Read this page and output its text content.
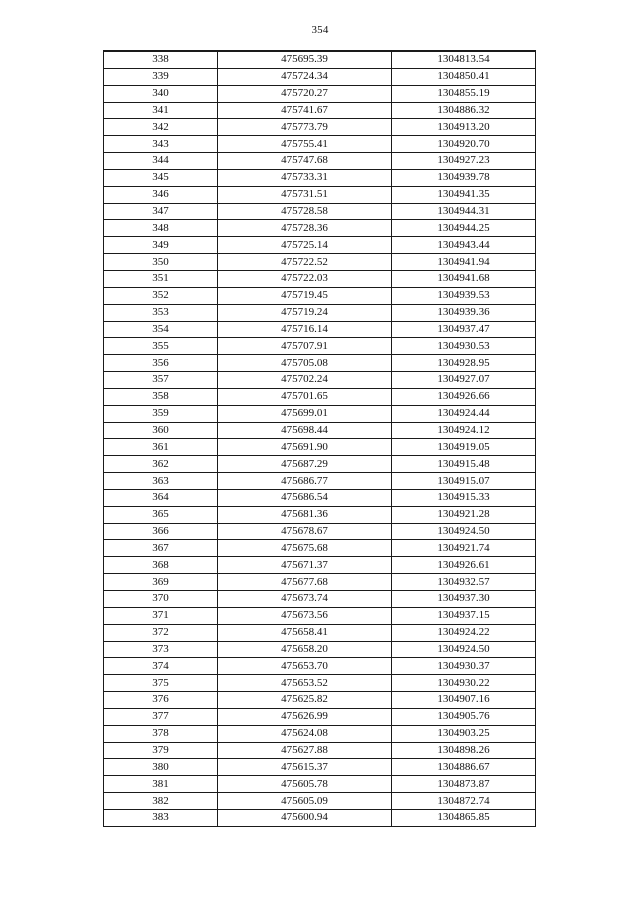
354
338	475695.39	1304813.54
339	475724.34	1304850.41
340	475720.27	1304855.19
341	475741.67	1304886.32
342	475773.79	1304913.20
343	475755.41	1304920.70
344	475747.68	1304927.23
345	475733.31	1304939.78
346	475731.51	1304941.35
347	475728.58	1304944.31
348	475728.36	1304944.25
349	475725.14	1304943.44
350	475722.52	1304941.94
351	475722.03	1304941.68
352	475719.45	1304939.53
353	475719.24	1304939.36
354	475716.14	1304937.47
355	475707.91	1304930.53
356	475705.08	1304928.95
357	475702.24	1304927.07
358	475701.65	1304926.66
359	475699.01	1304924.44
360	475698.44	1304924.12
361	475691.90	1304919.05
362	475687.29	1304915.48
363	475686.77	1304915.07
364	475686.54	1304915.33
365	475681.36	1304921.28
366	475678.67	1304924.50
367	475675.68	1304921.74
368	475671.37	1304926.61
369	475677.68	1304932.57
370	475673.74	1304937.30
371	475673.56	1304937.15
372	475658.41	1304924.22
373	475658.20	1304924.50
374	475653.70	1304930.37
375	475653.52	1304930.22
376	475625.82	1304907.16
377	475626.99	1304905.76
378	475624.08	1304903.25
379	475627.88	1304898.26
380	475615.37	1304886.67
381	475605.78	1304873.87
382	475605.09	1304872.74
383	475600.94	1304865.85
